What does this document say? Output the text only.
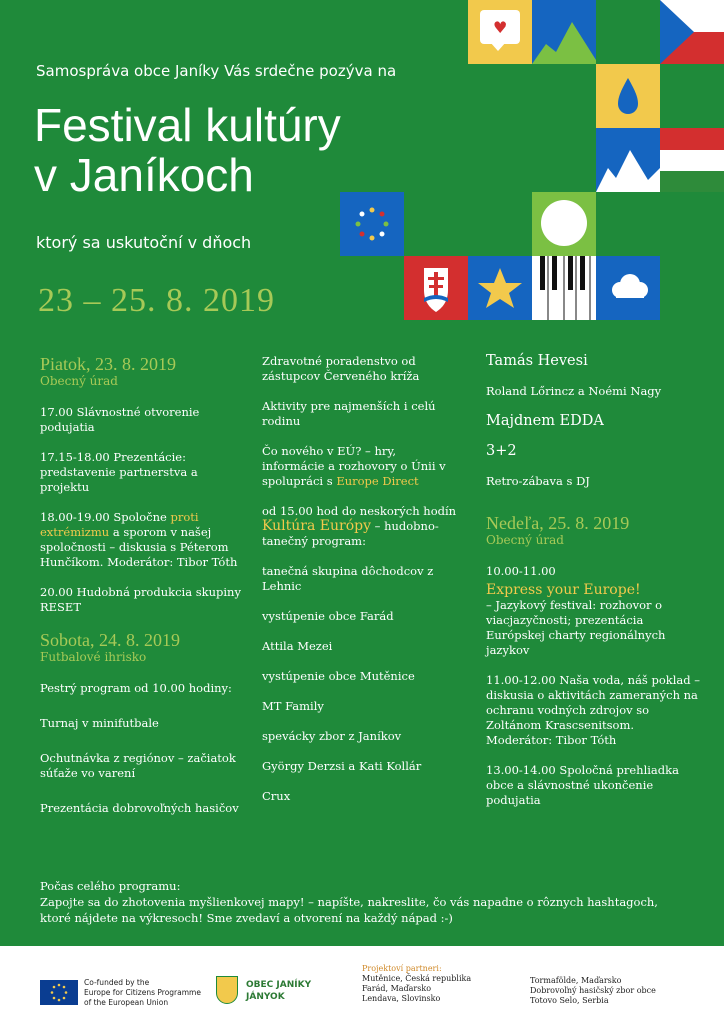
Samospráva obce Janíky Vás srdečne pozýva na
Festival kultúry
v Janíkoch
ktorý sa uskutoční v dňoch
23 – 25. 8. 2019
♥
Piatok, 23. 8. 2019
Obecný úrad

17.00 Slávnostné otvorenie podujatia

17.15-18.00 Prezentácie: predstavenie partnerstva a projektu

18.00-19.00 Spoločne proti extrémizmu a sporom v našej spoločnosti – diskusia s Péterom Hunčíkom. Moderátor: Tibor Tóth

20.00 Hudobná produkcia skupiny RESET

Sobota, 24. 8. 2019
Futbalové ihrisko

Pestrý program od 10.00 hodiny:

Turnaj v minifutbale

Ochutnávka z regiónov – začiatok súťaže vo varení

Prezentácia dobrovoľných hasičov

Zdravotné poradenstvo od zástupcov Červeného kríža

Aktivity pre najmenších i celú rodinu

Čo nového v EÚ? – hry, informácie a rozhovory o Únii v spolupráci s Europe Direct

od 15.00 hod do neskorých hodín

Kultúra Európy – hudobno-tanečný program:

tanečná skupina dôchodcov z Lehnic

vystúpenie obce Farád

Attila Mezei

vystúpenie obce Mutěnice

MT Family

spevácky zbor z Janíkov

György Derzsi a Kati Kollár

Crux

Tamás Hevesi

Roland Lőrincz a Noémi Nagy

Majdnem EDDA

3+2

Retro-zábava s DJ

Nedeľa, 25. 8. 2019
Obecný úrad
10.00-11.00
Express your Europe!

– Jazykový festival: rozhovor o viacjazyčnosti; prezentácia Európskej charty regionálnych jazykov

11.00-12.00 Naša voda, náš poklad – diskusia o aktivitách zameraných na ochranu vodných zdrojov so Zoltánom Krascsenitsom. Moderátor: Tibor Tóth

13.00-14.00 Spoločná prehliadka obce a slávnostné ukončenie podujatia

Počas celého programu:
Zapojte sa do zhotovenia myšlienkovej mapy! – napíšte, nakreslite, čo vás napadne o rôznych hashtagoch, ktoré nájdete na výkresoch! Sme zvedaví a otvorení na každý nápad :-)
Co-funded by the
Europe for Citizens Programme
of the European Union
OBEC JANÍKY
JÁNYOK
Projektoví partneri:
Mutěnice, Česká republika
Farád, Maďarsko
Lendava, Slovinsko
Tormafölde, Maďarsko
Dobrovoľný hasičský zbor obce
Totovo Selo, Serbia
